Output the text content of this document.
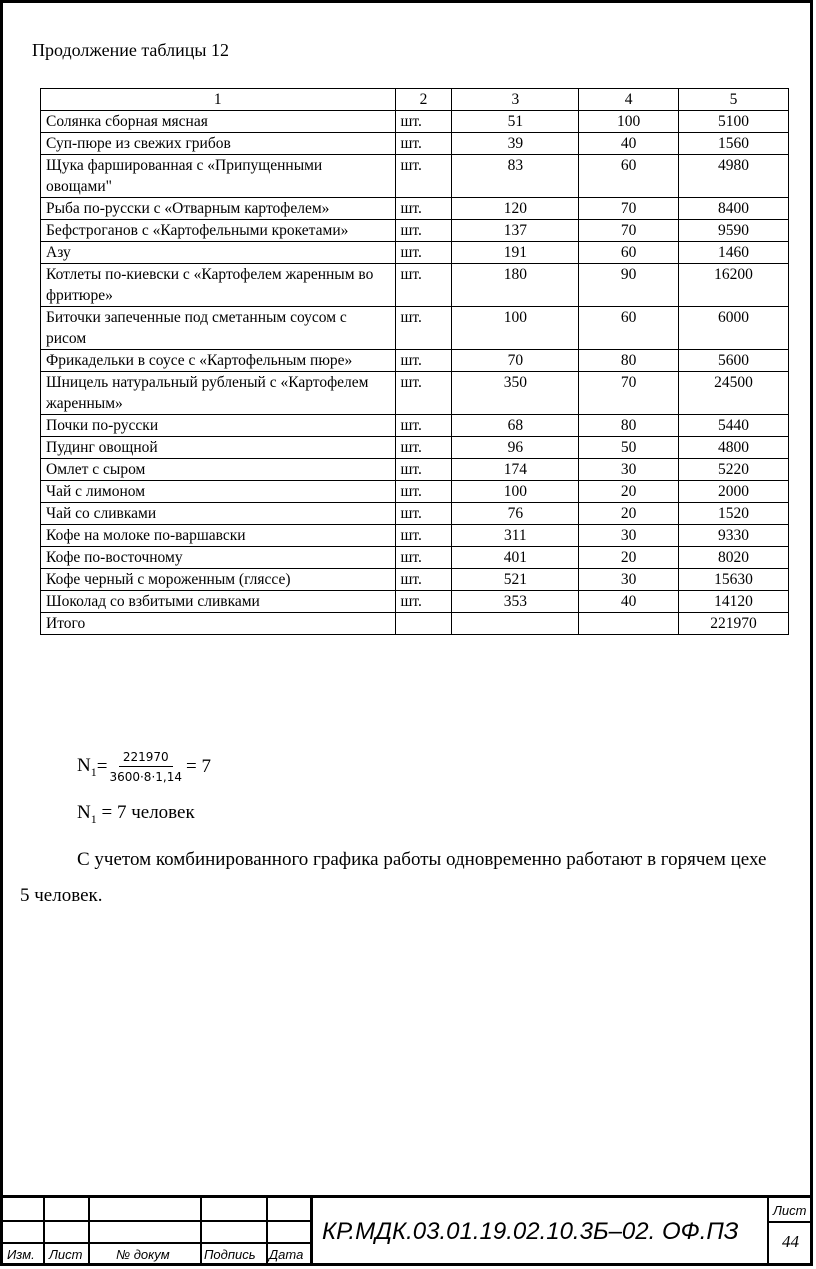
Продолжение таблицы 12
1	2	3	4	5
Солянка сборная мясная	шт.	51	100	5100
Суп-пюре из свежих грибов	шт.	39	40	1560
Щука фаршированная с «Припущенными овощами"	шт.	83	60	4980
Рыба по-русски с «Отварным картофелем»	шт.	120	70	8400
Бефстроганов с «Картофельными крокетами»	шт.	137	70	9590
Азу	шт.	191	60	1460
Котлеты по-киевски с «Картофелем жаренным во фритюре»	шт.	180	90	16200
Биточки запеченные под сметанным соусом с рисом	шт.	100	60	6000
Фрикадельки в соусе с «Картофельным пюре»	шт.	70	80	5600
Шницель натуральный рубленый с «Картофелем жаренным»	шт.	350	70	24500
Почки по-русски	шт.	68	80	5440
Пудинг овощной	шт.	96	50	4800
Омлет с сыром	шт.	174	30	5220
Чай с лимоном	шт.	100	20	2000
Чай со сливками	шт.	76	20	1520
Кофе на молоке по-варшавски	шт.	311	30	9330
Кофе по-восточному	шт.	401	20	8020
Кофе черный с мороженным (гляссе)	шт.	521	30	15630
Шоколад со взбитыми сливками	шт.	353	40	14120
Итого				221970
$N_1 = \frac{221970}{3600\cdot 8\cdot 1,14} = 7$
$N_1 = 7$ человек

С учетом комбинированного графика работы одновременно работают в горячем цехе 5 человек.

Изм. Лист	№ докум	Подпись Дата
Лист
КР.МДК.03.01.19.02.10.3Б–02. ОФ.ПЗ	44
